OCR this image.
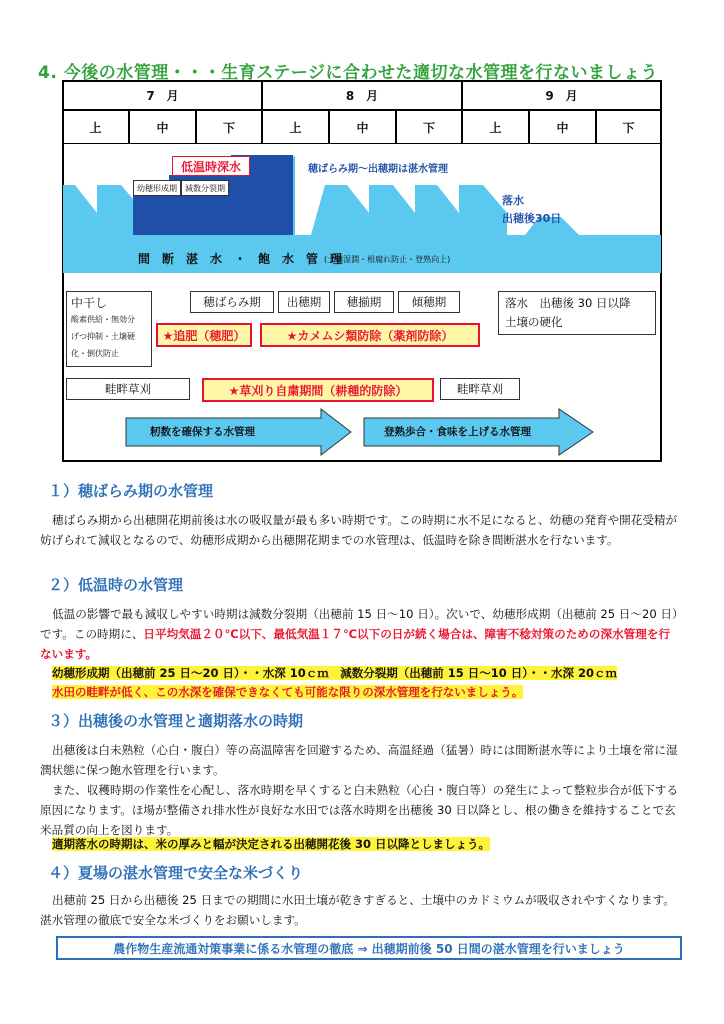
4. 今後の水管理・・・生育ステージに合わせた適切な水管理を行ないましょう
7　月	8　月	9　月
上	中	下	上	中	下	上	中	下
低温時深水
幼穂形成期	減数分裂期
穂ばらみ期～出穂期は湛水管理
落水
出穂後30日
間　断　湛　水　・　飽　水　管　理
(土壌湿潤・根腐れ防止・登熟向上)
中干し
酸素供給・無効分
げつ抑制・土壌硬
化・倒伏防止
穂ばらみ期	出穂期	穂揃期	傾穂期	落水　出穂後 30 日以降
土壌の硬化
★追肥（穂肥）	★カメムシ類防除（薬剤防除）
畦畔草刈	★草刈り自粛期間（耕種的防除）	畦畔草刈
籾数を確保する水管理	登熟歩合・食味を上げる水管理
１）穂ばらみ期の水管理

穂ばらみ期から出穂開花期前後は水の吸収量が最も多い時期です。この時期に水不足になると、幼穂の発育や開花受精が妨げられて減収となるので、幼穂形成期から出穂開花期までの水管理は、低温時を除き間断湛水を行ないます。

２）低温時の水管理

低温の影響で最も減収しやすい時期は減数分裂期（出穂前 15 日～10 日）。次いで、幼穂形成期（出穂前 25 日～20 日）です。この時期に、日平均気温２０℃以下、最低気温１７℃以下の日が続く場合は、障害不稔対策のための深水管理を行ないます。

幼穂形成期（出穂前 25 日～20 日）・・水深 10ｃｍ　減数分裂期（出穂前 15 日～10 日）・・水深 20ｃｍ
水田の畦畔が低く、この水深を確保できなくても可能な限りの深水管理を行ないましょう。
３）出穂後の水管理と適期落水の時期

出穂後は白未熟粒（心白・腹白）等の高温障害を回避するため、高温経過（猛暑）時には間断湛水等により土壌を常に湿潤状態に保つ飽水管理を行います。

また、収穫時期の作業性を心配し、落水時期を早くすると白未熟粒（心白・腹白等）の発生によって整粒歩合が低下する原因になります。ほ場が整備され排水性が良好な水田では落水時期を出穂後 30 日以降とし、根の働きを維持することで玄米品質の向上を図ります。

適期落水の時期は、米の厚みと幅が決定される出穂開花後 30 日以降としましょう。
４）夏場の湛水管理で安全な米づくり

出穂前 25 日から出穂後 25 日までの期間に水田土壌が乾きすぎると、土壌中のカドミウムが吸収されやすくなります。湛水管理の徹底で安全な米づくりをお願いします。

農作物生産流通対策事業に係る水管理の徹底 ⇒ 出穂期前後 50 日間の湛水管理を行いましょう
